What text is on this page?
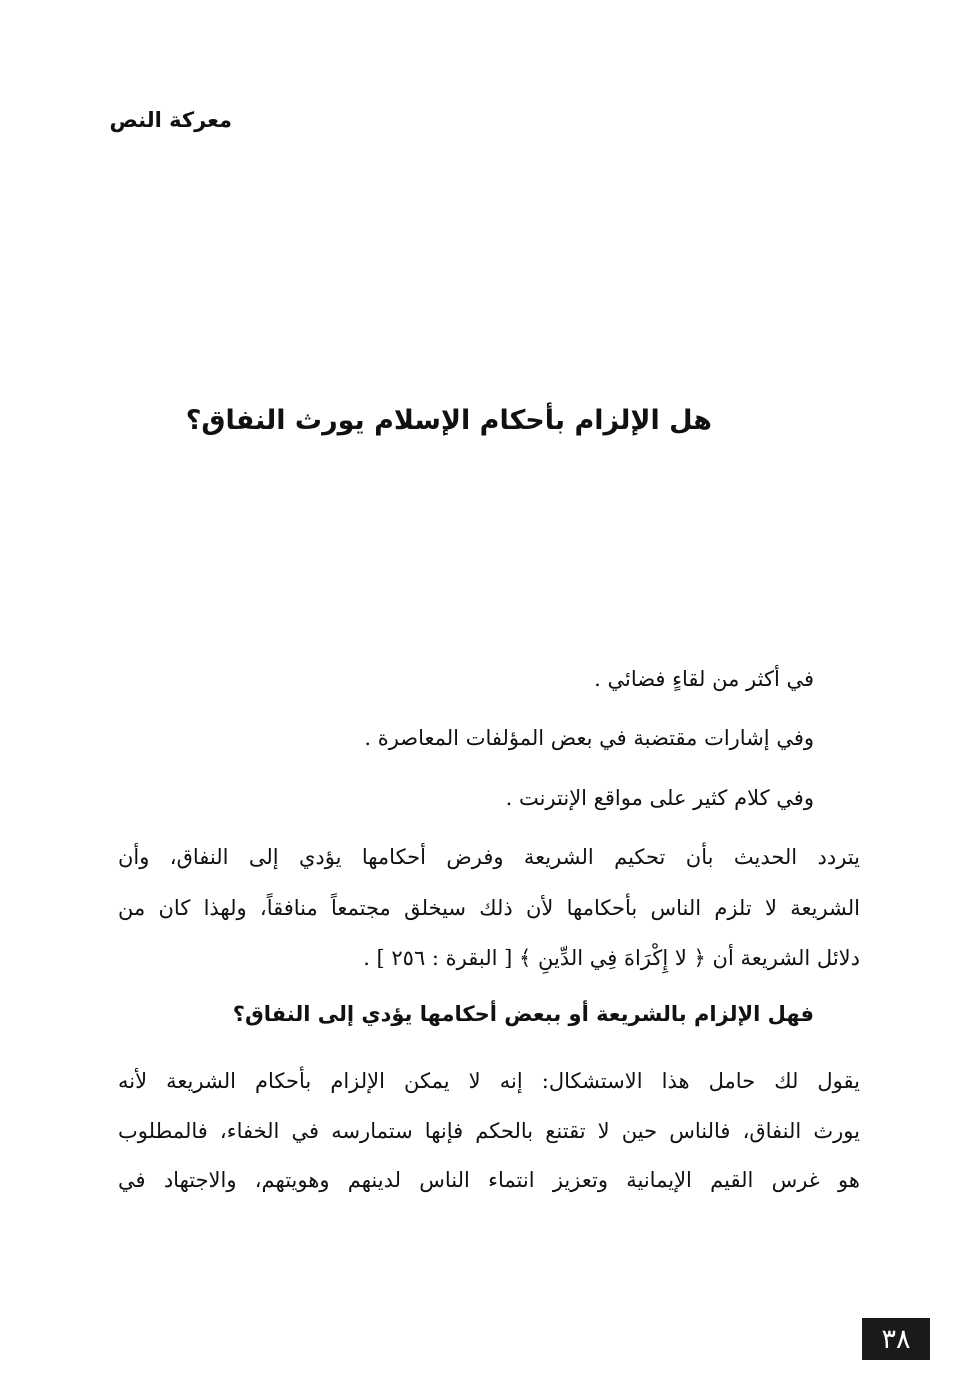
معركة النص
هل الإلزام بأحكام الإسلام يورث النفاق؟
في أكثر من لقاءٍ فضائي .
وفي إشارات مقتضبة في بعض المؤلفات المعاصرة .
وفي كلام كثير على مواقع الإنترنت .
يتردد الحديث بأن تحكيم الشريعة وفرض أحكامها يؤدي إلى النفاق، وأن
الشريعة لا تلزم الناس بأحكامها لأن ذلك سيخلق مجتمعاً منافقاً، ولهذا كان من
دلائل الشريعة أن ﴿ لا إِكْرَاهَ فِي الدِّينِ ﴾ [ البقرة : ٢٥٦ ] .
فهل الإلزام بالشريعة أو ببعض أحكامها يؤدي إلى النفاق؟
يقول لك حامل هذا الاستشكال: إنه لا يمكن الإلزام بأحكام الشريعة لأنه
يورث النفاق، فالناس حين لا تقتنع بالحكم فإنها ستمارسه في الخفاء، فالمطلوب
هو غرس القيم الإيمانية وتعزيز انتماء الناس لدينهم وهويتهم، والاجتهاد في
٣٨
